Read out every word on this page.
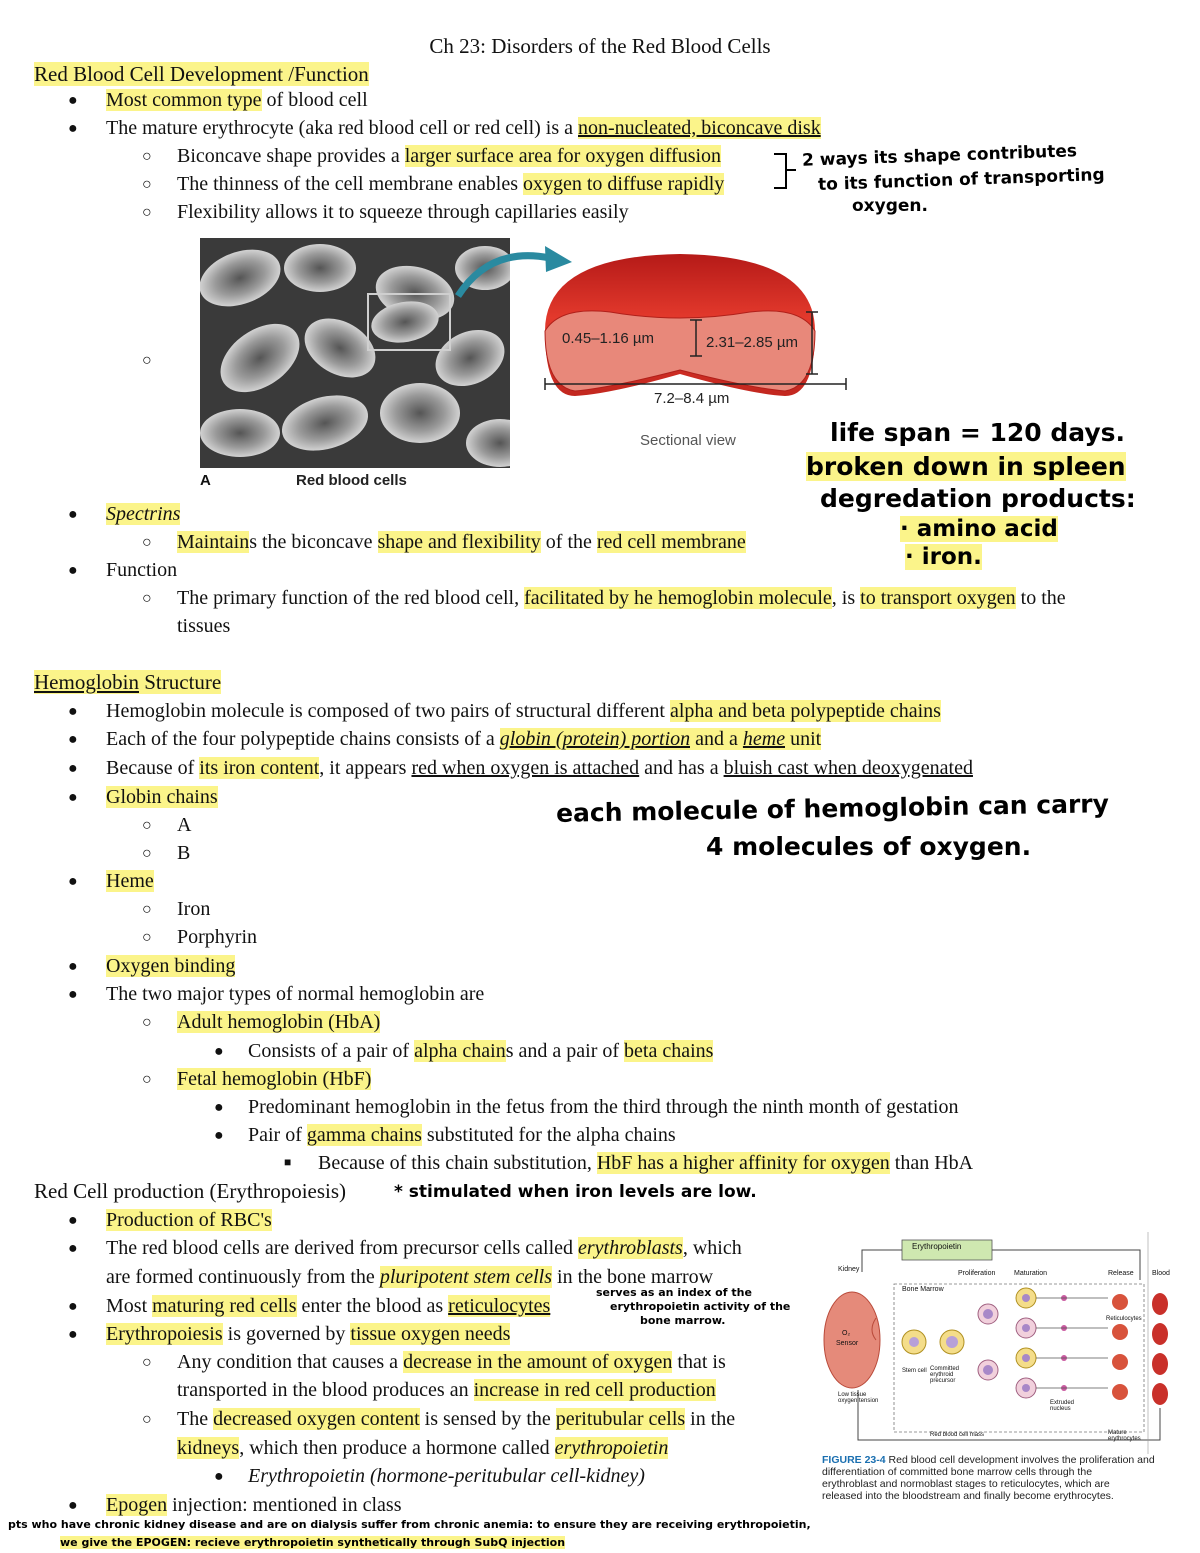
Ch 23: Disorders of the Red Blood Cells
Red Blood Cell Development /Function
● Most common type of blood cell
● The mature erythrocyte (aka red blood cell or red cell) is a non-nucleated, biconcave disk
○ Biconcave shape provides a larger surface area for oxygen diffusion
○ The thinness of the cell membrane enables oxygen to diffuse rapidly
○ Flexibility allows it to squeeze through capillaries easily
2 ways its shape contributes
to its function of transporting
oxygen.
○
A	Red blood cells
0.45–1.16 µm	2.31–2.85 µm
7.2–8.4 µm
Sectional view	life span = 120 days.
broken down in spleen
degredation products:
· amino acid
· iron.
● Spectrins
○ Maintains the biconcave shape and flexibility of the red cell membrane
● Function
○ The primary function of the red blood cell, facilitated by he hemoglobin molecule, is to transport oxygen to the
tissues
Hemoglobin Structure
● Hemoglobin molecule is composed of two pairs of structural different alpha and beta polypeptide chains
● Each of the four polypeptide chains consists of a globin (protein) portion and a heme unit
● Because of its iron content, it appears red when oxygen is attached and has a bluish cast when deoxygenated
● Globin chains
○ A
○ B
each molecule of hemoglobin can carry
4 molecules of oxygen.
● Heme
○ Iron
○ Porphyrin
● Oxygen binding
● The two major types of normal hemoglobin are
○ Adult hemoglobin (HbA)
● Consists of a pair of alpha chains and a pair of beta chains
○ Fetal hemoglobin (HbF)
● Predominant hemoglobin in the fetus from the third through the ninth month of gestation
● Pair of gamma chains substituted for the alpha chains
■ Because of this chain substitution, HbF has a higher affinity for oxygen than HbA
Red Cell production (Erythropoiesis)	* stimulated when iron levels are low.
● Production of RBC's
● The red blood cells are derived from precursor cells called erythroblasts, which
are formed continuously from the pluripotent stem cells in the bone marrow
● Most maturing red cells enter the blood as reticulocytes
serves as an index of the
erythropoietin activity of the
bone marrow.
● Erythropoiesis is governed by tissue oxygen needs
○ Any condition that causes a decrease in the amount of oxygen that is
transported in the blood produces an increase in red cell production
○ The decreased oxygen content is sensed by the peritubular cells in the
kidneys, which then produce a hormone called erythropoietin
● Erythropoietin (hormone-peritubular cell-kidney)
● Epogen injection: mentioned in class
pts who have chronic kidney disease and are on dialysis suffer from chronic anemia: to ensure they are receiving erythropoietin,
we give the EPOGEN: recieve erythropoietin synthetically through SubQ injection
Erythropoietin
Kidney
O₂
Sensor
Bone Marrow
Proliferation	Maturation	Release	Blood
Stem cell Committed erythroid precursor
Reticulocytes
Extruded nucleus
Low tissue oxygen tension
Red blood cell mass	Mature erythrocytes
FIGURE 23-4 Red blood cell development involves the proliferation and
differentiation of committed bone marrow cells through the
erythroblast and normoblast stages to reticulocytes, which are
released into the bloodstream and finally become erythrocytes.
